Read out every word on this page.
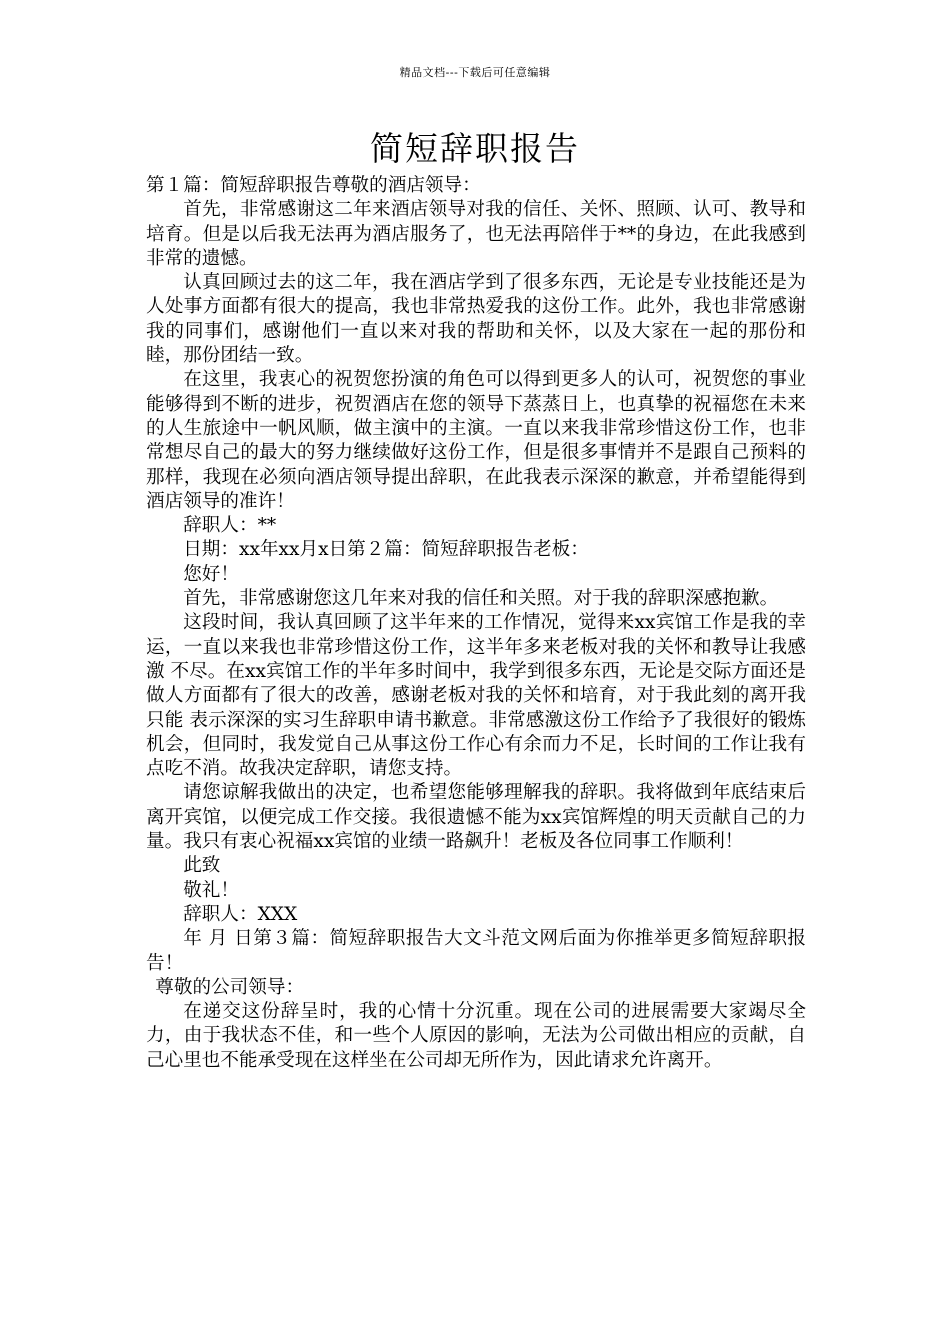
精品文档---下载后可任意编辑
简短辞职报告

第１篇：简短辞职报告尊敬的酒店领导：

首先，非常感谢这二年来酒店领导对我的信任、关怀、照顾、认可、教导和培育。但是以后我无法再为酒店服务了，也无法再陪伴于**的身边，在此我感到非常的遗憾。

认真回顾过去的这二年，我在酒店学到了很多东西，无论是专业技能还是为人处事方面都有很大的提高，我也非常热爱我的这份工作。此外，我也非常感谢我的同事们，感谢他们一直以来对我的帮助和关怀，以及大家在一起的那份和睦，那份团结一致。

在这里，我衷心的祝贺您扮演的角色可以得到更多人的认可，祝贺您的事业能够得到不断的进步，祝贺酒店在您的领导下蒸蒸日上，也真挚的祝福您在未来的人生旅途中一帆风顺，做主演中的主演。一直以来我非常珍惜这份工作，也非常想尽自己的最大的努力继续做好这份工作，但是很多事情并不是跟自己预料的那样，我现在必须向酒店领导提出辞职，在此我表示深深的歉意，并希望能得到酒店领导的准许！

辞职人：**

日期：xx年xx月x日第２篇：简短辞职报告老板：

您好！

首先，非常感谢您这几年来对我的信任和关照。对于我的辞职深感抱歉。

这段时间，我认真回顾了这半年来的工作情况，觉得来xx宾馆工作是我的幸运，一直以来我也非常珍惜这份工作，这半年多来老板对我的关怀和教导让我感激 不尽。在xx宾馆工作的半年多时间中，我学到很多东西，无论是交际方面还是做人方面都有了很大的改善，感谢老板对我的关怀和培育，对于我此刻的离开我只能 表示深深的实习生辞职申请书歉意。非常感激这份工作给予了我很好的锻炼机会，但同时，我发觉自己从事这份工作心有余而力不足，长时间的工作让我有点吃不消。故我决定辞职，请您支持。

请您谅解我做出的决定，也希望您能够理解我的辞职。我将做到年底结束后离开宾馆，以便完成工作交接。我很遗憾不能为xx宾馆辉煌的明天贡献自己的力量。我只有衷心祝福xx宾馆的业绩一路飙升！老板及各位同事工作顺利！

此致

敬礼！

辞职人：XXX

年 月 日第３篇：简短辞职报告大文斗范文网后面为你推举更多简短辞职报告！

尊敬的公司领导：

在递交这份辞呈时，我的心情十分沉重。现在公司的进展需要大家竭尽全力，由于我状态不佳，和一些个人原因的影响，无法为公司做出相应的贡献，自己心里也不能承受现在这样坐在公司却无所作为，因此请求允许离开。
